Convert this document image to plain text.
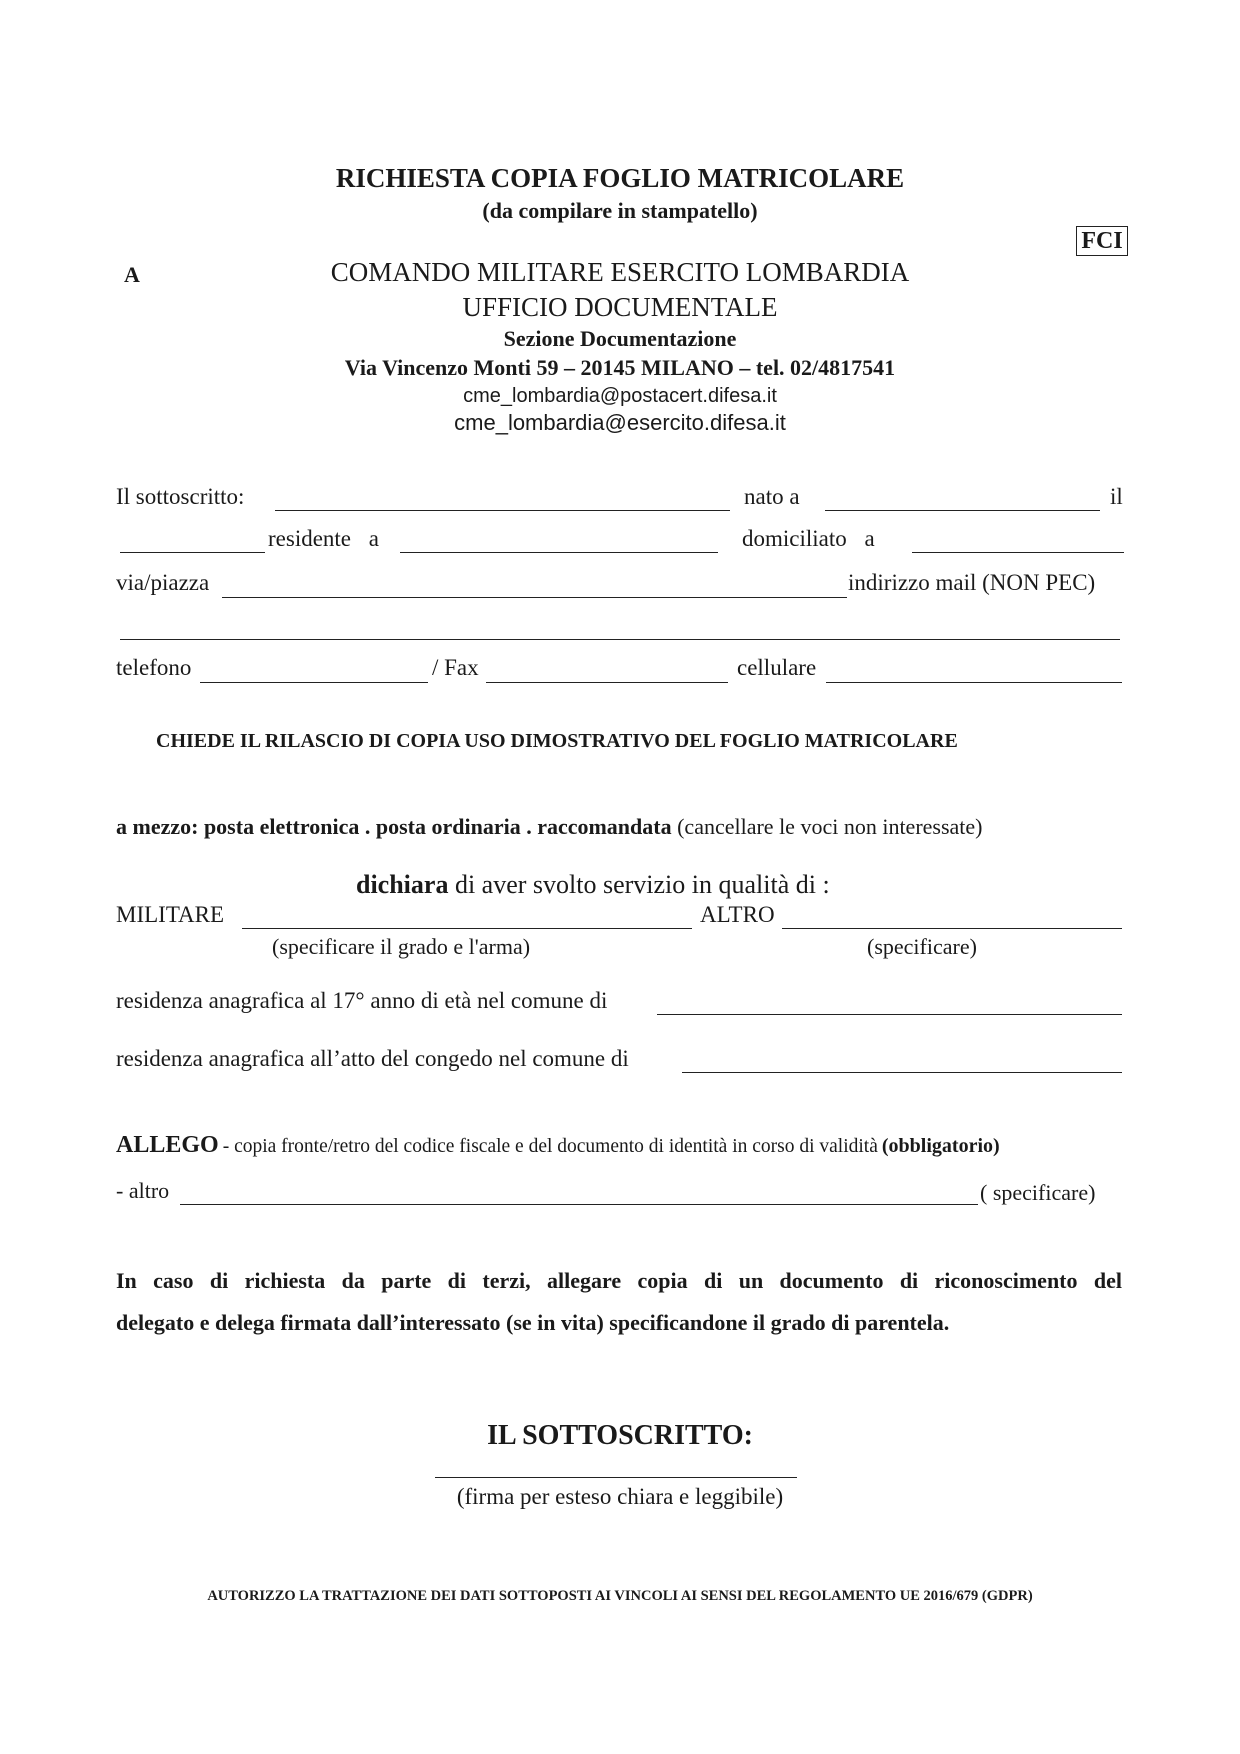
RICHIESTA COPIA FOGLIO MATRICOLARE
(da compilare in stampatello)
FCI
A	COMANDO MILITARE ESERCITO LOMBARDIA
UFFICIO DOCUMENTALE
Sezione Documentazione
Via Vincenzo Monti 59 – 20145 MILANO – tel. 02/4817541
cme_lombardia@postacert.difesa.it
cme_lombardia@esercito.difesa.it
Il sottoscritto:	nato a	il
residente a	domiciliato a
via/piazza	indirizzo mail (NON PEC)
telefono	/ Fax	cellulare
CHIEDE IL RILASCIO DI COPIA USO DIMOSTRATIVO DEL FOGLIO MATRICOLARE
a mezzo: posta elettronica . posta ordinaria . raccomandata (cancellare le voci non interessate)
dichiara di aver svolto servizio in qualità di :
MILITARE	ALTRO
(specificare il grado e l'arma)	(specificare)
residenza anagrafica al 17° anno di età nel comune di
residenza anagrafica all’atto del congedo nel comune di
ALLEGO - copia fronte/retro del codice fiscale e del documento di identità in corso di validità (obbligatorio)
- altro	( specificare)
In caso di richiesta da parte di terzi, allegare copia di un documento di riconoscimento del
delegato e delega firmata dall’interessato (se in vita) specificandone il grado di parentela.
IL SOTTOSCRITTO:
(firma per esteso chiara e leggibile)
AUTORIZZO LA TRATTAZIONE DEI DATI SOTTOPOSTI AI VINCOLI AI SENSI DEL REGOLAMENTO UE 2016/679 (GDPR)
